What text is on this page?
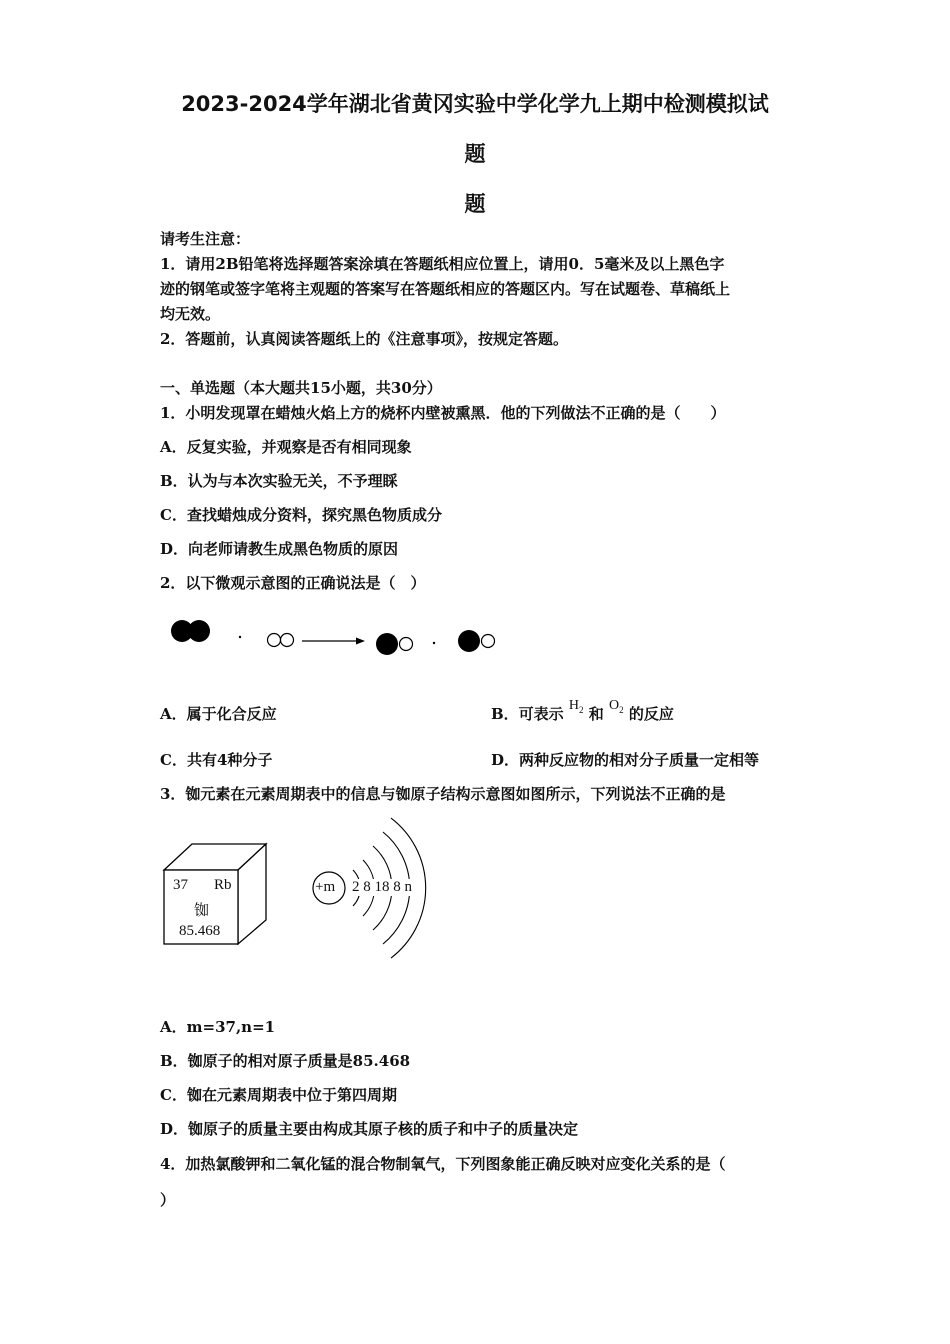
2023-2024学年湖北省黄冈实验中学化学九上期中检测模拟试
题
题
请考生注意：
1．请用2B铅笔将选择题答案涂填在答题纸相应位置上，请用0．5毫米及以上黑色字
迹的钢笔或签字笔将主观题的答案写在答题纸相应的答题区内。写在试题卷、草稿纸上
均无效。
2．答题前，认真阅读答题纸上的《注意事项》，按规定答题。
一、单选题（本大题共15小题，共30分）
1．小明发现罩在蜡烛火焰上方的烧杯内壁被熏黑．他的下列做法不正确的是（　　）
A．反复实验，并观察是否有相同现象
B．认为与本次实验无关，不予理睬
C．查找蜡烛成分资料，探究黑色物质成分
D．向老师请教生成黑色物质的原因
2．以下微观示意图的正确说法是（　）
A．属于化合反应	B．可表示 $H_2$ 和 $O_2$ 的反应
C．共有4种分子	D．两种反应物的相对分子质量一定相等
3．铷元素在元素周期表中的信息与铷原子结构示意图如图所示，下列说法不正确的是
37 Rb
铷
85.468
+m 2 8 18 8 n
A．m=37,n=1
B．铷原子的相对原子质量是85.468
C．铷在元素周期表中位于第四周期
D．铷原子的质量主要由构成其原子核的质子和中子的质量决定
4．加热氯酸钾和二氧化锰的混合物制氧气，下列图象能正确反映对应变化关系的是（
）
